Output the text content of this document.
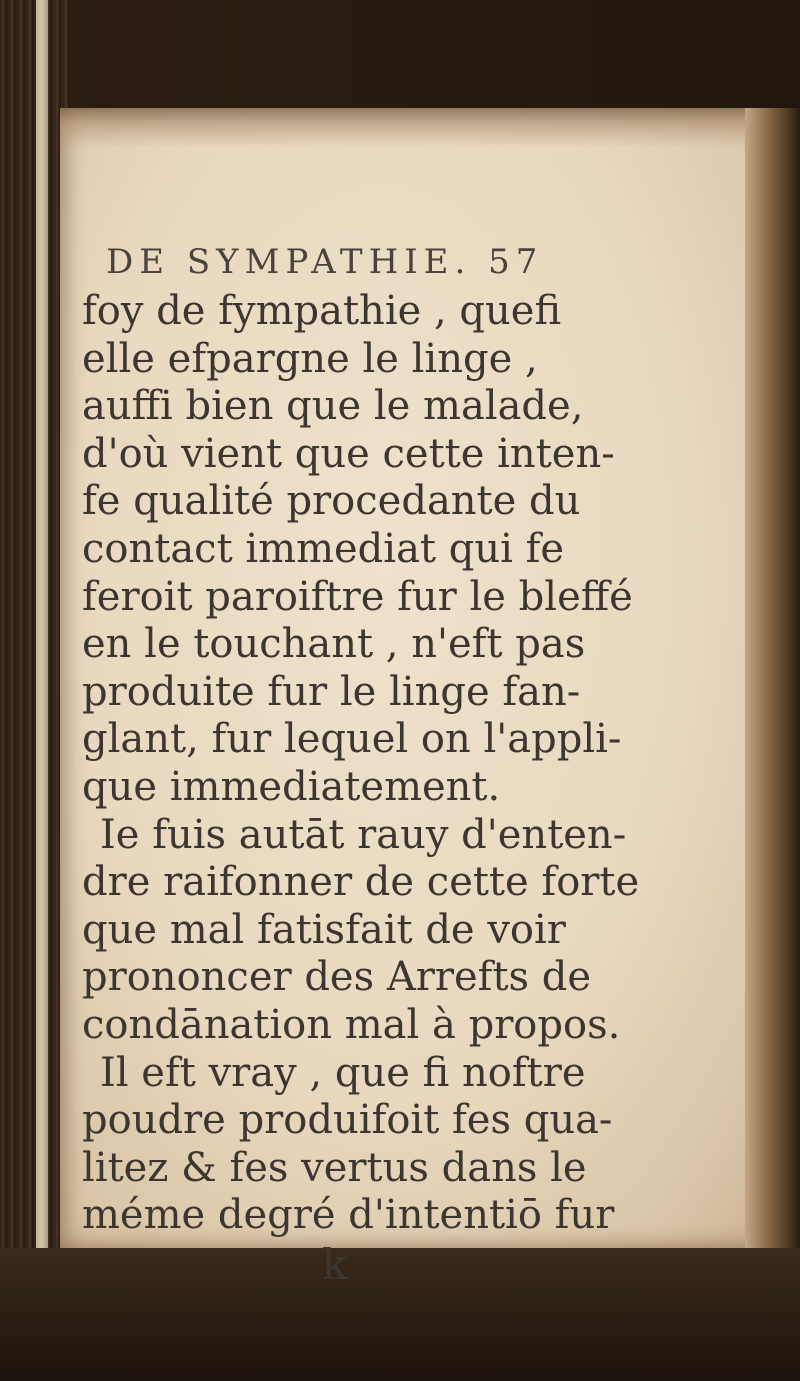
DE SYMPATHIE. 57
foy de fympathie , quefi
elle efpargne le linge ,
auffi bien que le malade,
d'où vient que cette inten-
fe qualité procedante du
contact immediat qui fe
feroit paroiftre fur le bleffé
en le touchant , n'eft pas
produite fur le linge fan-
glant, fur lequel on l'appli-
que immediatement.
Ie fuis autāt rauy d'enten-
dre raifonner de cette forte
que mal fatisfait de voir
prononcer des Arrefts de
condānation mal à propos.
Il eft vray , que fi noftre
poudre produifoit fes qua-
litez & fes vertus dans le
méme degré d'intentiō fur
k
